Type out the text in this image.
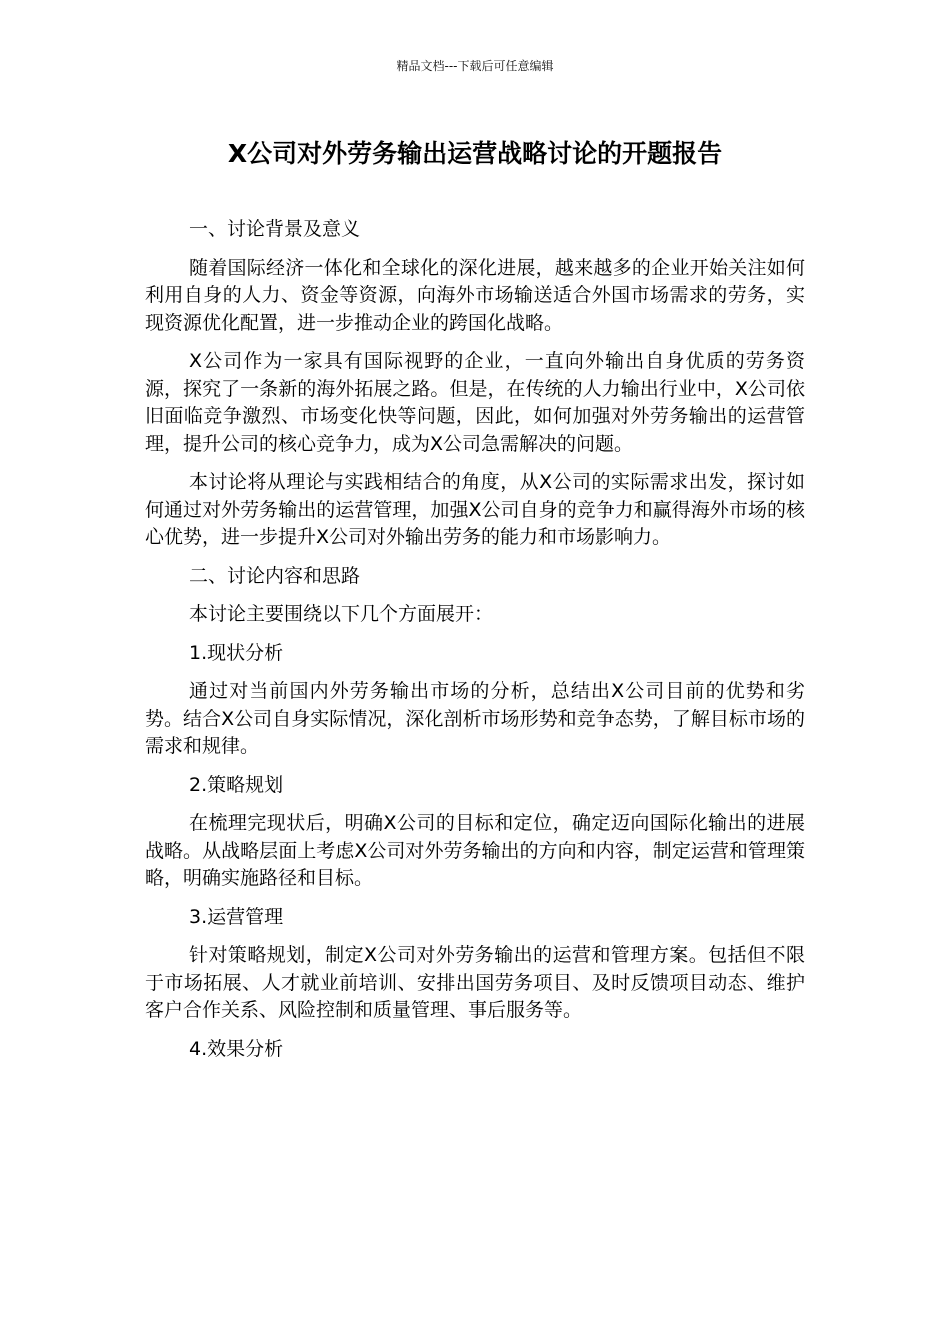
精品文档---下载后可任意编辑
X公司对外劳务输出运营战略讨论的开题报告

一、讨论背景及意义

随着国际经济一体化和全球化的深化进展，越来越多的企业开始关注如何利用自身的人力、资金等资源，向海外市场输送适合外国市场需求的劳务，实现资源优化配置，进一步推动企业的跨国化战略。

X公司作为一家具有国际视野的企业，一直向外输出自身优质的劳务资源，探究了一条新的海外拓展之路。但是，在传统的人力输出行业中，X公司依旧面临竞争激烈、市场变化快等问题，因此，如何加强对外劳务输出的运营管理，提升公司的核心竞争力，成为X公司急需解决的问题。

本讨论将从理论与实践相结合的角度，从X公司的实际需求出发，探讨如何通过对外劳务输出的运营管理，加强X公司自身的竞争力和赢得海外市场的核心优势，进一步提升X公司对外输出劳务的能力和市场影响力。

二、讨论内容和思路

本讨论主要围绕以下几个方面展开：

1.现状分析

通过对当前国内外劳务输出市场的分析，总结出X公司目前的优势和劣势。结合X公司自身实际情况，深化剖析市场形势和竞争态势，了解目标市场的需求和规律。

2.策略规划

在梳理完现状后，明确X公司的目标和定位，确定迈向国际化输出的进展战略。从战略层面上考虑X公司对外劳务输出的方向和内容，制定运营和管理策略，明确实施路径和目标。

3.运营管理

针对策略规划，制定X公司对外劳务输出的运营和管理方案。包括但不限于市场拓展、人才就业前培训、安排出国劳务项目、及时反馈项目动态、维护客户合作关系、风险控制和质量管理、事后服务等。

4.效果分析
